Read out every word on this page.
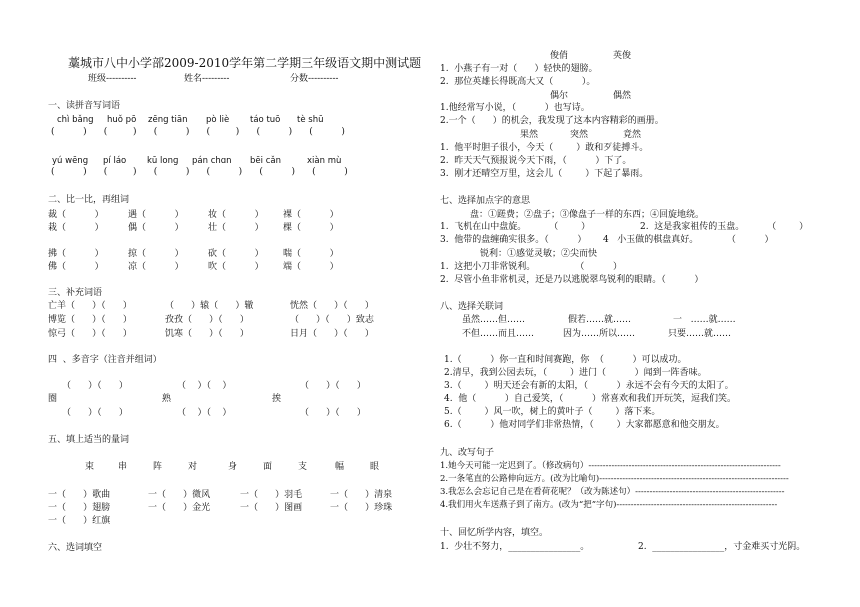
藁城市八中小学部2009-2010学年第二学期三年级语文期中测试题
班级----------	姓名---------	分数----------
一、读拼音写词语
chì bǎng huǒ pō zēng tiān pò liè táo tuō tè shū
(          )      (         )      (          )      (         )      (          )      (          )
yú wēng pí láo kū lonɡ pán chɑn bēi cǎn	xiàn mù
(          )      (         )      (          )      (          )      (          )      (          )
二、比一比，再组词
裁（          ）	遇（          ）	妆（          ） 裸（          ）
栽（          ）	偶（          ）	壮（          ） 棵（          ）
拂（          ）	掠（          ）	砍（          ） 喘（          ）
佛（          ）	凉（          ）	吹（          ） 端（          ）
三、补充词语
亡羊（      ）（      ）	（      ）辕（      ）辙	恍然（      ）（      ）
博览（      ）（      ）	孜孜（      ）（      ）	（      ）（      ）致志
惊弓（      ）（      ）	饥寒（      ）（      ）	日月（      ）（      ）
四  、多音字（注音并组词）
（      ）（      ）	（    ）（    ）	（      ）（      ）
圈	熟	挨
（      ）（      ）	（    ）（    ）	（      ）（      ）
五、填上适当的量词
束	串	阵	对	身	面	支	幅	眼
一（      ）歌曲	一（      ）微风	一（      ）羽毛	一（      ）清泉
一（      ）翅膀	一（      ）金光	一（      ）图画	一（      ）珍珠
一（      ）红旗
六、选词填空
俊俏	英俊
1.  小燕子有一对（      ）轻快的翅膀。
2.  那位英雄长得既高大又（          ）。
偶尔	偶然
1.他经常写小说，（          ）也写诗。
2.一个（      ）的机会，我发现了这本内容精彩的画册。
果然	突然	竟然
1.  他平时胆子很小，今天（        ）敢和歹徒搏斗。
2.  昨天天气预报说今天下雨，（          ）下了。
3.  刚才还晴空万里，这会儿（        ）下起了暴雨。
七、选择加点字的意思
盘：①蹉费；②盘子；③像盘子一样的东西；④回旋地绕。
1.  飞机在山中盘旋。        （        ）	2.  这是我家祖传的玉盘。        （        ）
3.  他带的盘缠确实很多。（          ） 4   小玉做的棋盘真好。          （          ）
锐利：①感觉灵敏；②尖而快
1.  这把小刀非常锐利。              （          ）
2.  尽管小鱼非常机灵，还是乃以逃脱翠鸟锐利的眼睛。（          ）
八、选择关联词
虽然……但……	假若……就……	一   ……就……
不但……而且……	因为……所以……	只要……就……
1.（          ）你一直和时间赛跑，你  （          ）可以成功。
2.清早，我到公园去玩，（        ）进门（          ）闻到一阵香味。
3.（        ）明天还会有新的太阳，（          ）永远不会有今天的太阳了。
4.  他（          ）自己爱笑，（          ）常喜欢和我们开玩笑，逗我们笑。
5.（        ）风一吹，树上的黄叶子（        ）落下来。
6.（          ）他对同学们非常热情，（        ）大家都愿意和他交朋友。
九、改写句子
1.她今天可能一定迟到了。（修改病句）-------------------------------------------------------------------
2.一条笔直的公路伸向远方。(改为比喻句)------------------------------------------------------------------
3.我怎么会忘记自己是在看荷花呢？（改为陈述句）----------------------------------------------------
4.我们用火车送燕子到了南方。(改为“把”字句)--------------------------------------------------------
十、回忆所学内容，填空。
1.  少壮不努力，________________。	2.  ________________，寸金难买寸光阴。
